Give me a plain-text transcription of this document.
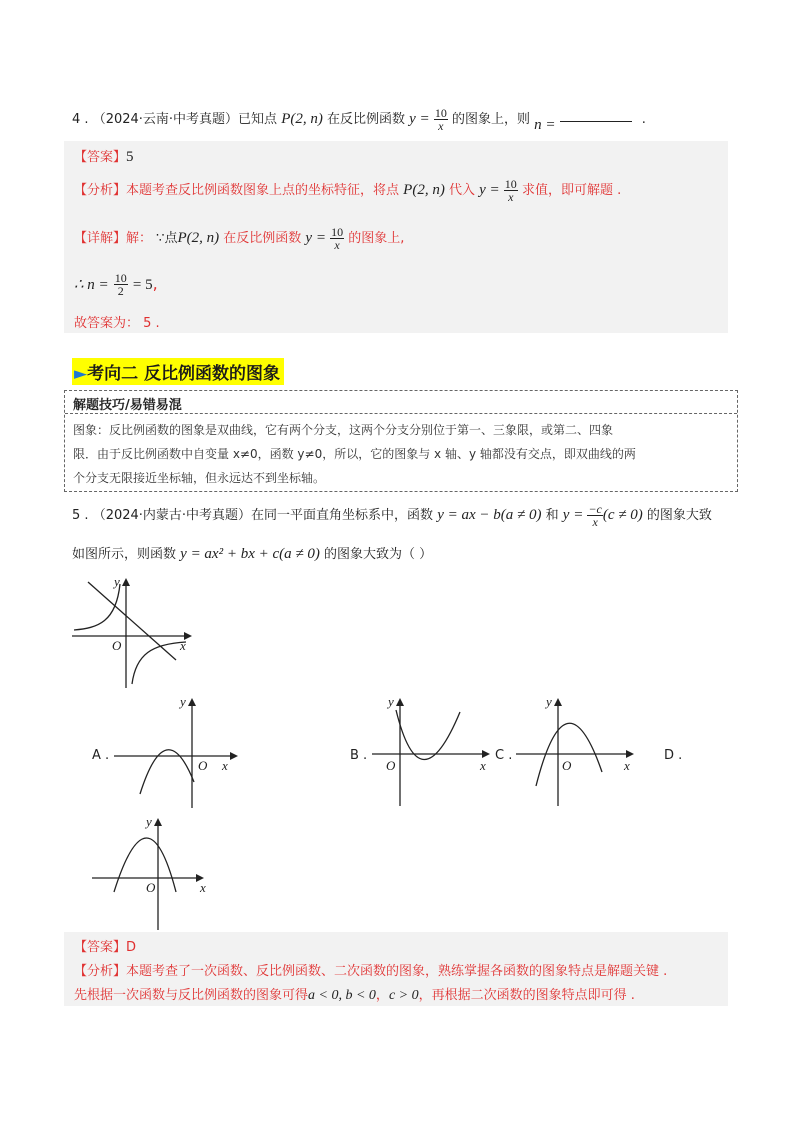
4 . （2024·云南·中考真题）已知点 P(2, n) 在反比例函数 $y = \frac{10}{x}$ 的图象上，则 n =	.
【答案】5
【分析】本题考查反比例函数图象上点的坐标特征，将点 P(2, n) 代入 $y = \frac{10}{x}$ 求值，即可解题 .
【详解】解： ∵点P(2, n) 在反比例函数 $y = \frac{10}{x}$ 的图象上,
∴ $n = \frac{10}{2} = 5$,
故答案为： 5 .
►考向二 反比例函数的图象
解题技巧/易错易混
图象：反比例函数的图象是双曲线，它有两个分支，这两个分支分别位于第一、三象限，或第二、四象
限．由于反比例函数中自变量 x≠0，函数 y≠0，所以，它的图象与 x 轴、y 轴都没有交点，即双曲线的两
个分支无限接近坐标轴，但永远达不到坐标轴。
5 . （2024·内蒙古·中考真题）在同一平面直角坐标系中，函数 y = ax − b(a ≠ 0) 和 $y = \frac{-c}{x} (c \ne 0)$ 的图象大致
如图所示，则函数 y = ax² + bx + c(a ≠ 0) 的图象大致为（ ）
y
x
O
A .
y
x
O
B .
y
x
O
C .
y
x
O
D .
y
x
O
【答案】D
【分析】本题考查了一次函数、反比例函数、二次函数的图象，熟练掌握各函数的图象特点是解题关键 .
先根据一次函数与反比例函数的图象可得a < 0, b < 0，c > 0，再根据二次函数的图象特点即可得 .
